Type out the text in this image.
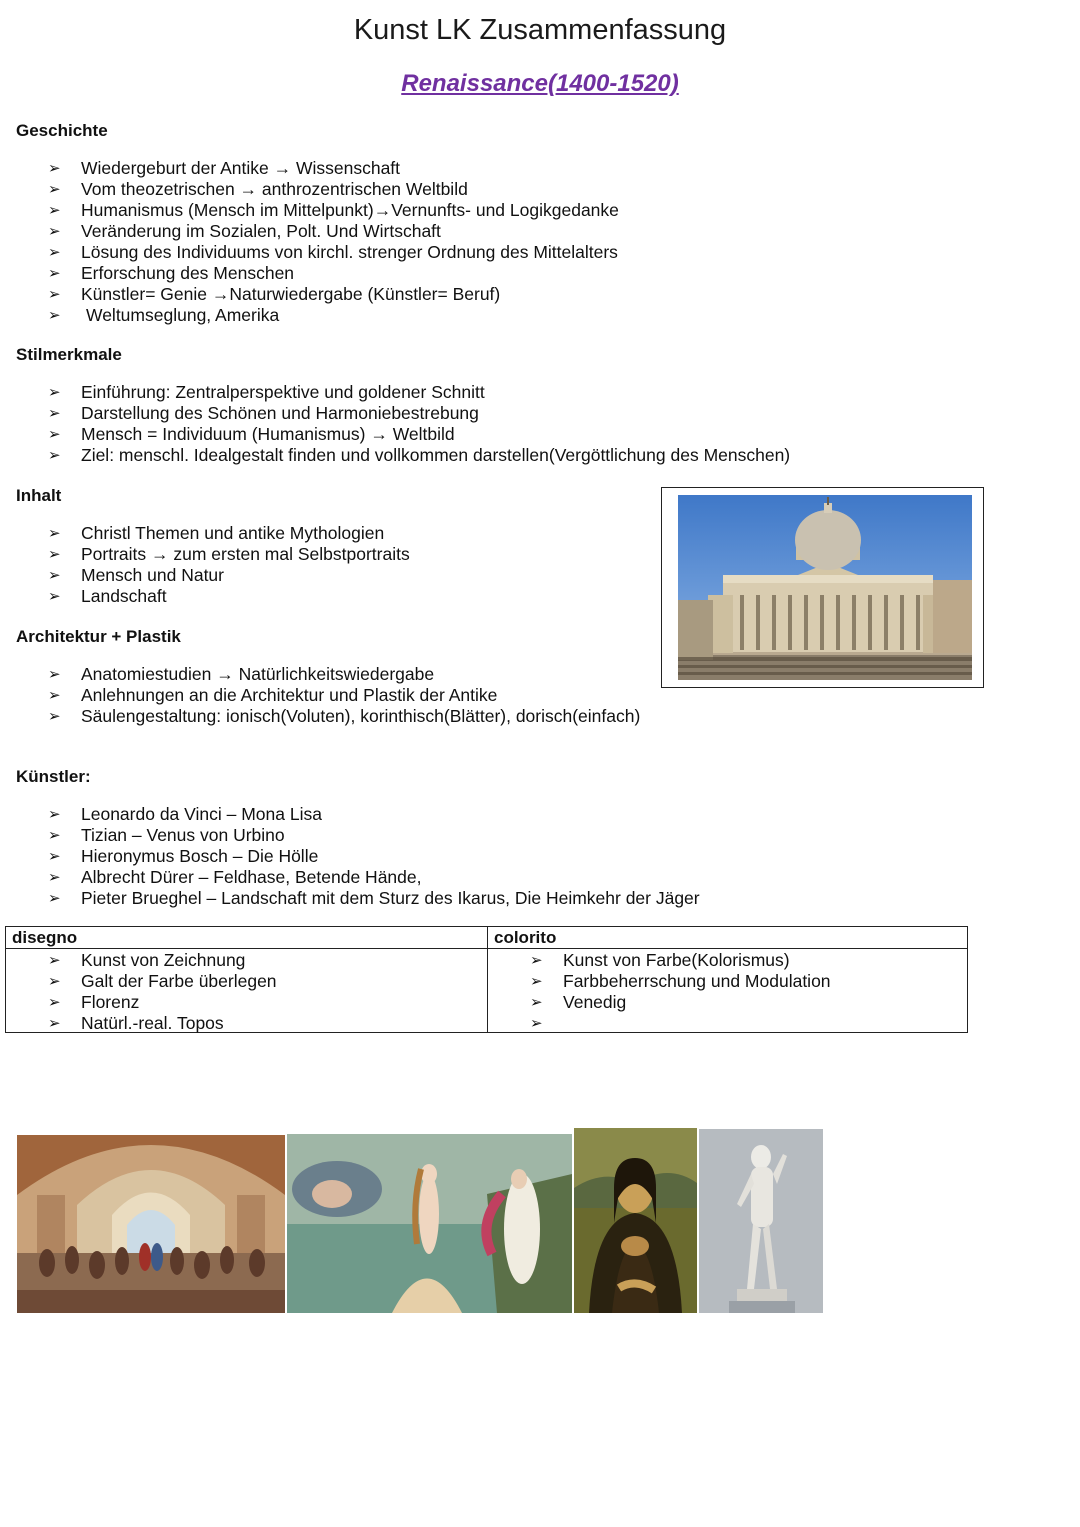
Kunst LK Zusammenfassung
Renaissance(1400-1520)
Geschichte
➢ Wiedergeburt der Antike → Wissenschaft
➢ Vom theozetrischen → anthrozentrischen Weltbild
➢ Humanismus (Mensch im Mittelpunkt)→Vernunfts- und Logikgedanke
➢ Veränderung im Sozialen, Polt. Und Wirtschaft
➢ Lösung des Individuums von kirchl. strenger Ordnung des Mittelalters
➢ Erforschung des Menschen
➢ Künstler= Genie →Naturwiedergabe (Künstler= Beruf)
➢ Weltumseglung, Amerika
Stilmerkmale
➢ Einführung: Zentralperspektive und goldener Schnitt
➢ Darstellung des Schönen und Harmoniebestrebung
➢ Mensch = Individuum (Humanismus) → Weltbild
➢ Ziel: menschl. Idealgestalt finden und vollkommen darstellen(Vergöttlichung des Menschen)
Inhalt
➢ Christl Themen und antike Mythologien
➢ Portraits → zum ersten mal Selbstportraits
➢ Mensch und Natur
➢ Landschaft
Architektur + Plastik
➢ Anatomiestudien → Natürlichkeitswiedergabe
➢ Anlehnungen an die Architektur und Plastik der Antike
➢ Säulengestaltung: ionisch(Voluten), korinthisch(Blätter), dorisch(einfach)
Künstler:
➢ Leonardo da Vinci – Mona Lisa
➢ Tizian – Venus von Urbino
➢ Hieronymus Bosch – Die Hölle
➢ Albrecht Dürer – Feldhase, Betende Hände,
➢ Pieter Brueghel – Landschaft mit dem Sturz des Ikarus, Die Heimkehr der Jäger
disegno
➢ Kunst von Zeichnung
➢ Galt der Farbe überlegen
➢ Florenz
➢ Natürl.-real. Topos
colorito
➢ Kunst von Farbe(Kolorismus)
➢ Farbbeherrschung und Modulation
➢ Venedig
➢
